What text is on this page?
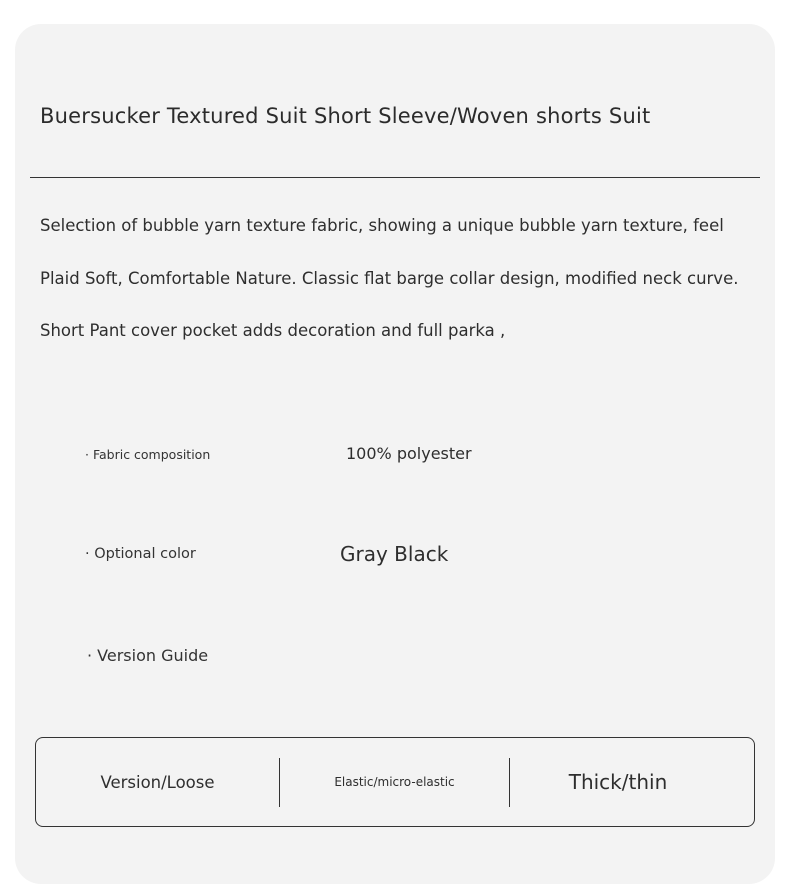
Buersucker Textured Suit Short Sleeve/Woven shorts Suit
Selection of bubble yarn texture fabric, showing a unique bubble yarn texture, feel Plaid Soft, Comfortable Nature. Classic flat barge collar design, modified neck curve. Short Pant cover pocket adds decoration and full parka ,
· Fabric composition	100% polyester
· Optional color	Gray Black
· Version Guide
Version/Loose	Elastic/micro-elastic	Thick/thin
